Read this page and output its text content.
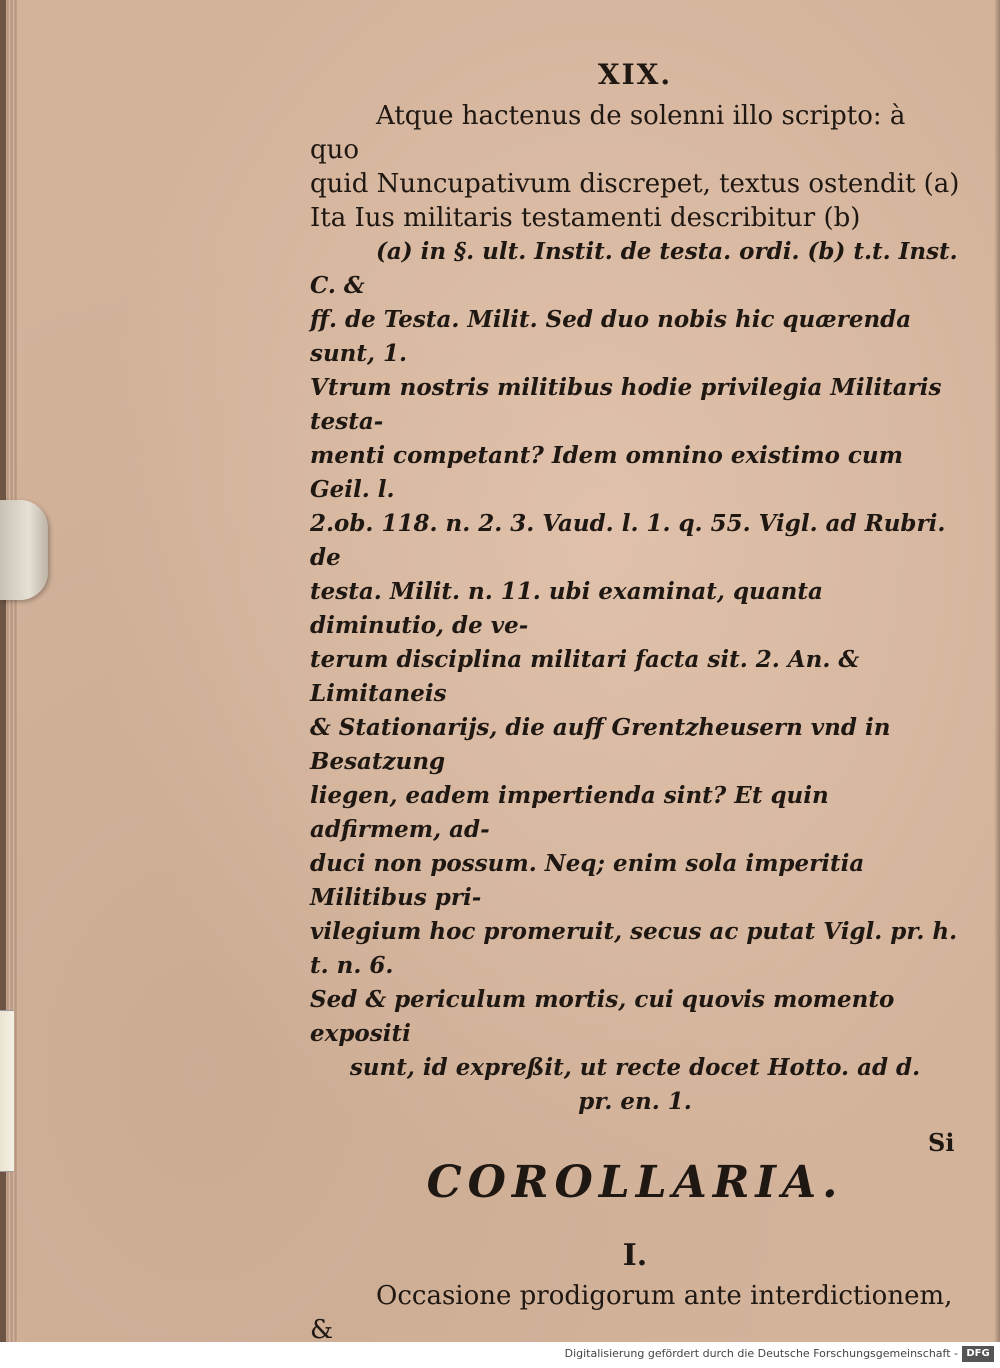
XIX.

Atque hactenus de solenni illo scripto: à quo

quid Nuncupativum discrepet, textus ostendit (a)

Ita Ius militaris testamenti describitur (b)

(a) in §. ult. Instit. de testa. ordi. (b) t.t. Inst. C. &

ff. de Testa. Milit. Sed duo nobis hic quærenda sunt, 1.

Vtrum nostris militibus hodie privilegia Militaris testa-

menti competant? Idem omnino existimo cum Geil. l.

2.ob. 118. n. 2. 3. Vaud. l. 1. q. 55. Vigl. ad Rubri. de

testa. Milit. n. 11. ubi examinat, quanta diminutio, de ve-

terum disciplina militari facta sit. 2. An. & Limitaneis

& Stationarijs, die auff Grentzheusern vnd in Besatzung

liegen, eadem impertienda sint? Et quin adfirmem, ad-

duci non possum. Neq; enim sola imperitia Militibus pri-

vilegium hoc promeruit, secus ac putat Vigl. pr. h. t. n. 6.

Sed & periculum mortis, cui quovis momento expositi

sunt, id expreßit, ut recte docet Hotto. ad d.

pr. en. 1.

COROLLARIA.
I.

Occasione prodigorum ante interdictionem, &

Si
Digitalisierung gefördert durch die Deutsche Forschungsgemeinschaft - DFG
